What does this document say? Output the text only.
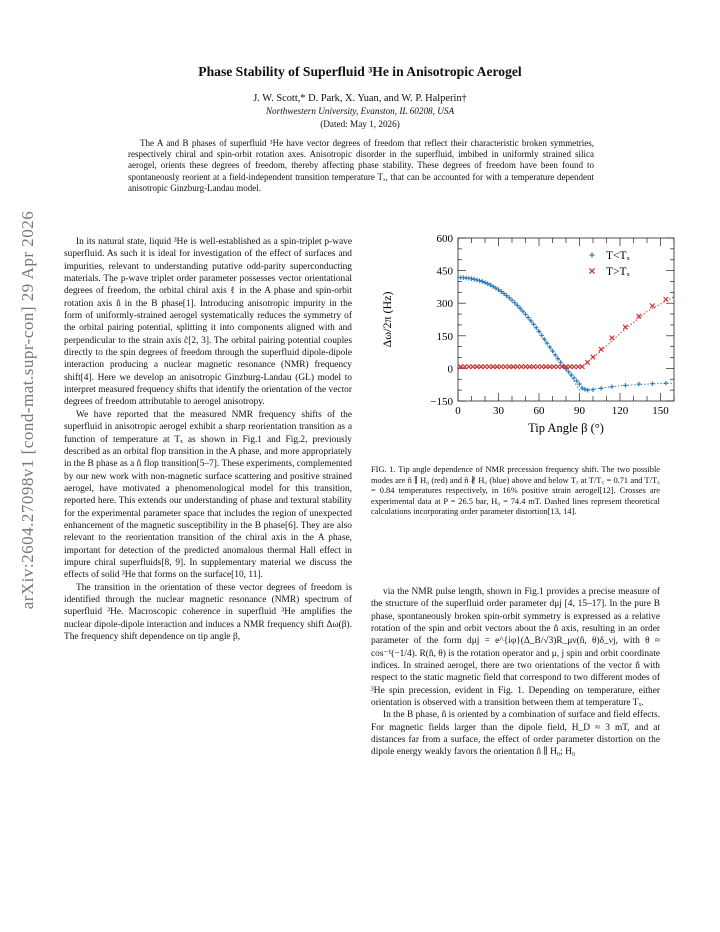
arXiv:2604.27098v1 [cond-mat.supr-con] 29 Apr 2026
Phase Stability of Superfluid ³He in Anisotropic Aerogel
J. W. Scott,* D. Park, X. Yuan, and W. P. Halperin†
Northwestern University, Evanston, IL 60208, USA
(Dated: May 1, 2026)

The A and B phases of superfluid ³He have vector degrees of freedom that reflect their characteristic broken symmetries, respectively chiral and spin-orbit rotation axes. Anisotropic disorder in the superfluid, imbibed in uniformly strained silica aerogel, orients these degrees of freedom, thereby affecting phase stability. These degrees of freedom have been found to spontaneously reorient at a field-independent transition temperature Tₓ, that can be accounted for with a temperature dependent anisotropic Ginzburg-Landau model.

In its natural state, liquid ³He is well-established as a spin-triplet p-wave superfluid. As such it is ideal for investigation of the effect of surfaces and impurities, relevant to understanding putative odd-parity superconducting materials. The p-wave triplet order parameter possesses vector orientational degrees of freedom, the orbital chiral axis ℓ in the A phase and spin-orbit rotation axis n̂ in the B phase[1]. Introducing anisotropic impurity in the form of uniformly-strained aerogel systematically reduces the symmetry of the orbital pairing potential, splitting it into components aligned with and perpendicular to the strain axis ĉ[2, 3]. The orbital pairing potential couples directly to the spin degrees of freedom through the superfluid dipole-dipole interaction producing a nuclear magnetic resonance (NMR) frequency shift[4]. Here we develop an anisotropic Ginzburg-Landau (GL) model to interpret measured frequency shifts that identify the orientation of the vector degrees of freedom attributable to aerogel anisotropy.

We have reported that the measured NMR frequency shifts of the superfluid in anisotropic aerogel exhibit a sharp reorientation transition as a function of temperature at Tₓ as shown in Fig.1 and Fig.2, previously described as an orbital flop transition in the A phase, and more appropriately in the B phase as a n̂ flop transition[5–7]. These experiments, complemented by our new work with non-magnetic surface scattering and positive strained aerogel, have motivated a phenomenological model for this transition, reported here. This extends our understanding of phase and textural stability for the experimental parameter space that includes the region of unexpected enhancement of the magnetic susceptibility in the B phase[6]. They are also relevant to the reorientation transition of the chiral axis in the A phase, important for detection of the predicted anomalous thermal Hall effect in impure chiral superfluids[8, 9]. In supplementary material we discuss the effects of solid ³He that forms on the surface[10, 11].

The transition in the orientation of these vector degrees of freedom is identified through the nuclear magnetic resonance (NMR) spectrum of superfluid ³He. Macroscopic coherence in superfluid ³He amplifies the nuclear dipole-dipole interaction and induces a NMR frequency shift Δω(β). The frequency shift dependence on tip angle β,

0	30	60	90 120 150
−150
0
150
300
450
600
Tip Angle β (°)
Δω/2π (Hz)
T<Tₓ
T>Tₓ

FIG. 1. Tip angle dependence of NMR precession frequency shift. The two possible modes are n̂ ∥ H₀ (red) and n̂ ∦ H₀ (blue) above and below Tₓ at T/T꜀ = 0.71 and T/T꜀ = 0.84 temperatures respectively, in 16% positive strain aerogel[12]. Crosses are experimental data at P = 26.5 bar, H₀ = 74.4 mT. Dashed lines represent theoretical calculations incorporating order parameter distortion[13, 14].

via the NMR pulse length, shown in Fig.1 provides a precise measure of the structure of the superfluid order parameter dμj [4, 15–17]. In the pure B phase, spontaneously broken spin-orbit symmetry is expressed as a relative rotation of the spin and orbit vectors about the n̂ axis, resulting in an order parameter of the form dμj = e^{iφ}(Δ_B/√3)R_μν(n̂, θ)δ_νj, with θ ≈ cos⁻¹(−1/4). R(n̂, θ) is the rotation operator and μ, j spin and orbit coordinate indices. In strained aerogel, there are two orientations of the vector n̂ with respect to the static magnetic field that correspond to two different modes of ³He spin precession, evident in Fig. 1. Depending on temperature, either orientation is observed with a transition between them at temperature Tₓ.

In the B phase, n̂ is oriented by a combination of surface and field effects. For magnetic fields larger than the dipole field, H_D ≈ 3 mT, and at distances far from a surface, the effect of order parameter distortion on the dipole energy weakly favors the orientation n̂ ∥ H₀; H₀
